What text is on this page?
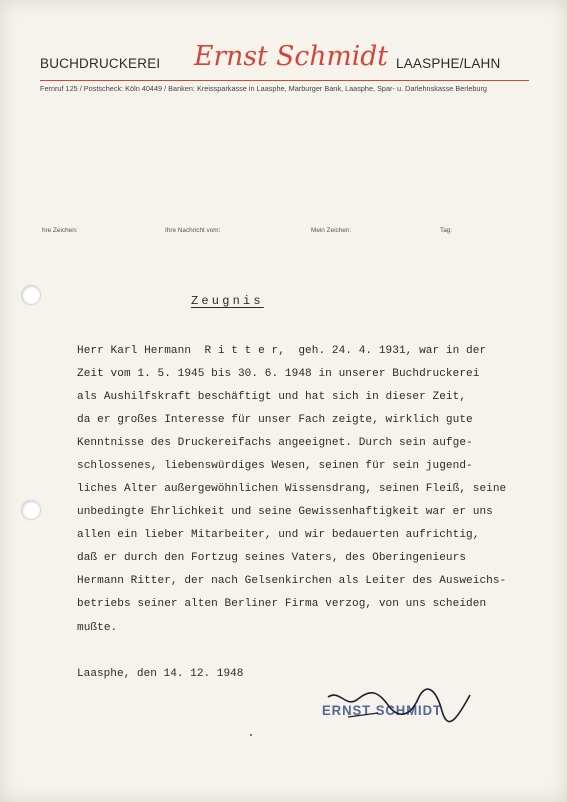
BUCHDRUCKEREI Ernst Schmidt LAASPHE/LAHN
Fernruf 125 / Postscheck: Köln 40449 / Banken: Kreissparkasse in Laasphe, Marburger Bank, Laasphe, Spar- u. Darlehnskasse Berleburg
hre Zeichen:	Ihre Nachricht vom:	Mein Zeichen:	Tag:
Zeugnis
Herr Karl Hermann  R i t t e r,  geh. 24. 4. 1931, war in der
Zeit vom 1. 5. 1945 bis 30. 6. 1948 in unserer Buchdruckerei
als Aushilfskraft beschäftigt und hat sich in dieser Zeit,
da er großes Interesse für unser Fach zeigte, wirklich gute
Kenntnisse des Druckereifachs angeeignet. Durch sein aufge-
schlossenes, liebenswürdiges Wesen, seinen für sein jugend-
liches Alter außergewöhnlichen Wissensdrang, seinen Fleiß, seine
unbedingte Ehrlichkeit und seine Gewissenhaftigkeit war er uns
allen ein lieber Mitarbeiter, und wir bedauerten aufrichtig,
daß er durch den Fortzug seines Vaters, des Oberingenieurs
Hermann Ritter, der nach Gelsenkirchen als Leiter des Ausweichs-
betriebs seiner alten Berliner Firma verzog, von uns scheiden
mußte.
Laasphe, den 14. 12. 1948
ERNST SCHMIDT
